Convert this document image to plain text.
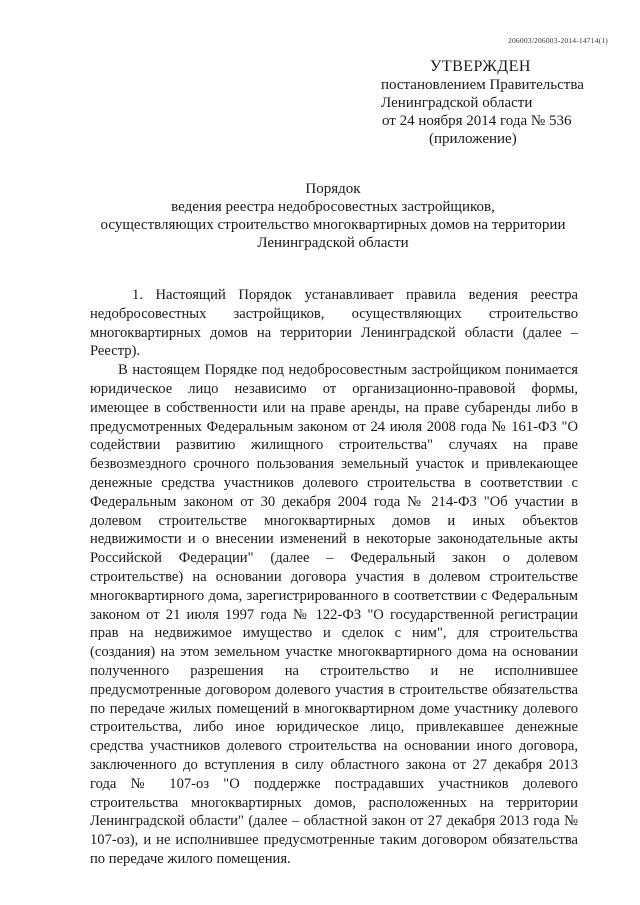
206003/206003-2014-14714(1)
УТВЕРЖДЕН
постановлением Правительства
Ленинградской области
от 24 ноября 2014 года № 536
(приложение)
Порядок
ведения реестра недобросовестных застройщиков,
осуществляющих строительство многоквартирных домов на территории
Ленинградской области

1. Настоящий Порядок устанавливает правила ведения реестра недобросовестных застройщиков, осуществляющих строительство многоквартирных домов на территории Ленинградской области (далее – Реестр).

В настоящем Порядке под недобросовестным застройщиком понимается юридическое лицо независимо от организационно-правовой формы, имеющее в собственности или на праве аренды, на праве субаренды либо в предусмотренных Федеральным законом от 24 июля 2008 года № 161-ФЗ "О содействии развитию жилищного строительства" случаях на праве безвозмездного срочного пользования земельный участок и привлекающее денежные средства участников долевого строительства в соответствии с Федеральным законом от 30 декабря 2004 года № 214-ФЗ "Об участии в долевом строительстве многоквартирных домов и иных объектов недвижимости и о внесении изменений в некоторые законодательные акты Российской Федерации" (далее – Федеральный закон о долевом строительстве) на основании договора участия в долевом строительстве многоквартирного дома, зарегистрированного в соответствии с Федеральным законом от 21 июля 1997 года № 122-ФЗ "О государственной регистрации прав на недвижимое имущество и сделок с ним", для строительства (создания) на этом земельном участке многоквартирного дома на основании полученного разрешения на строительство и не исполнившее предусмотренные договором долевого участия в строительстве обязательства по передаче жилых помещений в многоквартирном доме участнику долевого строительства, либо иное юридическое лицо, привлекавшее денежные средства участников долевого строительства на основании иного договора, заключенного до вступления в силу областного закона от 27 декабря 2013 года № 107-оз "О поддержке пострадавших участников долевого строительства многоквартирных домов, расположенных на территории Ленинградской области" (далее – областной закон от 27 декабря 2013 года № 107-оз), и не исполнившее предусмотренные таким договором обязательства по передаче жилого помещения.
